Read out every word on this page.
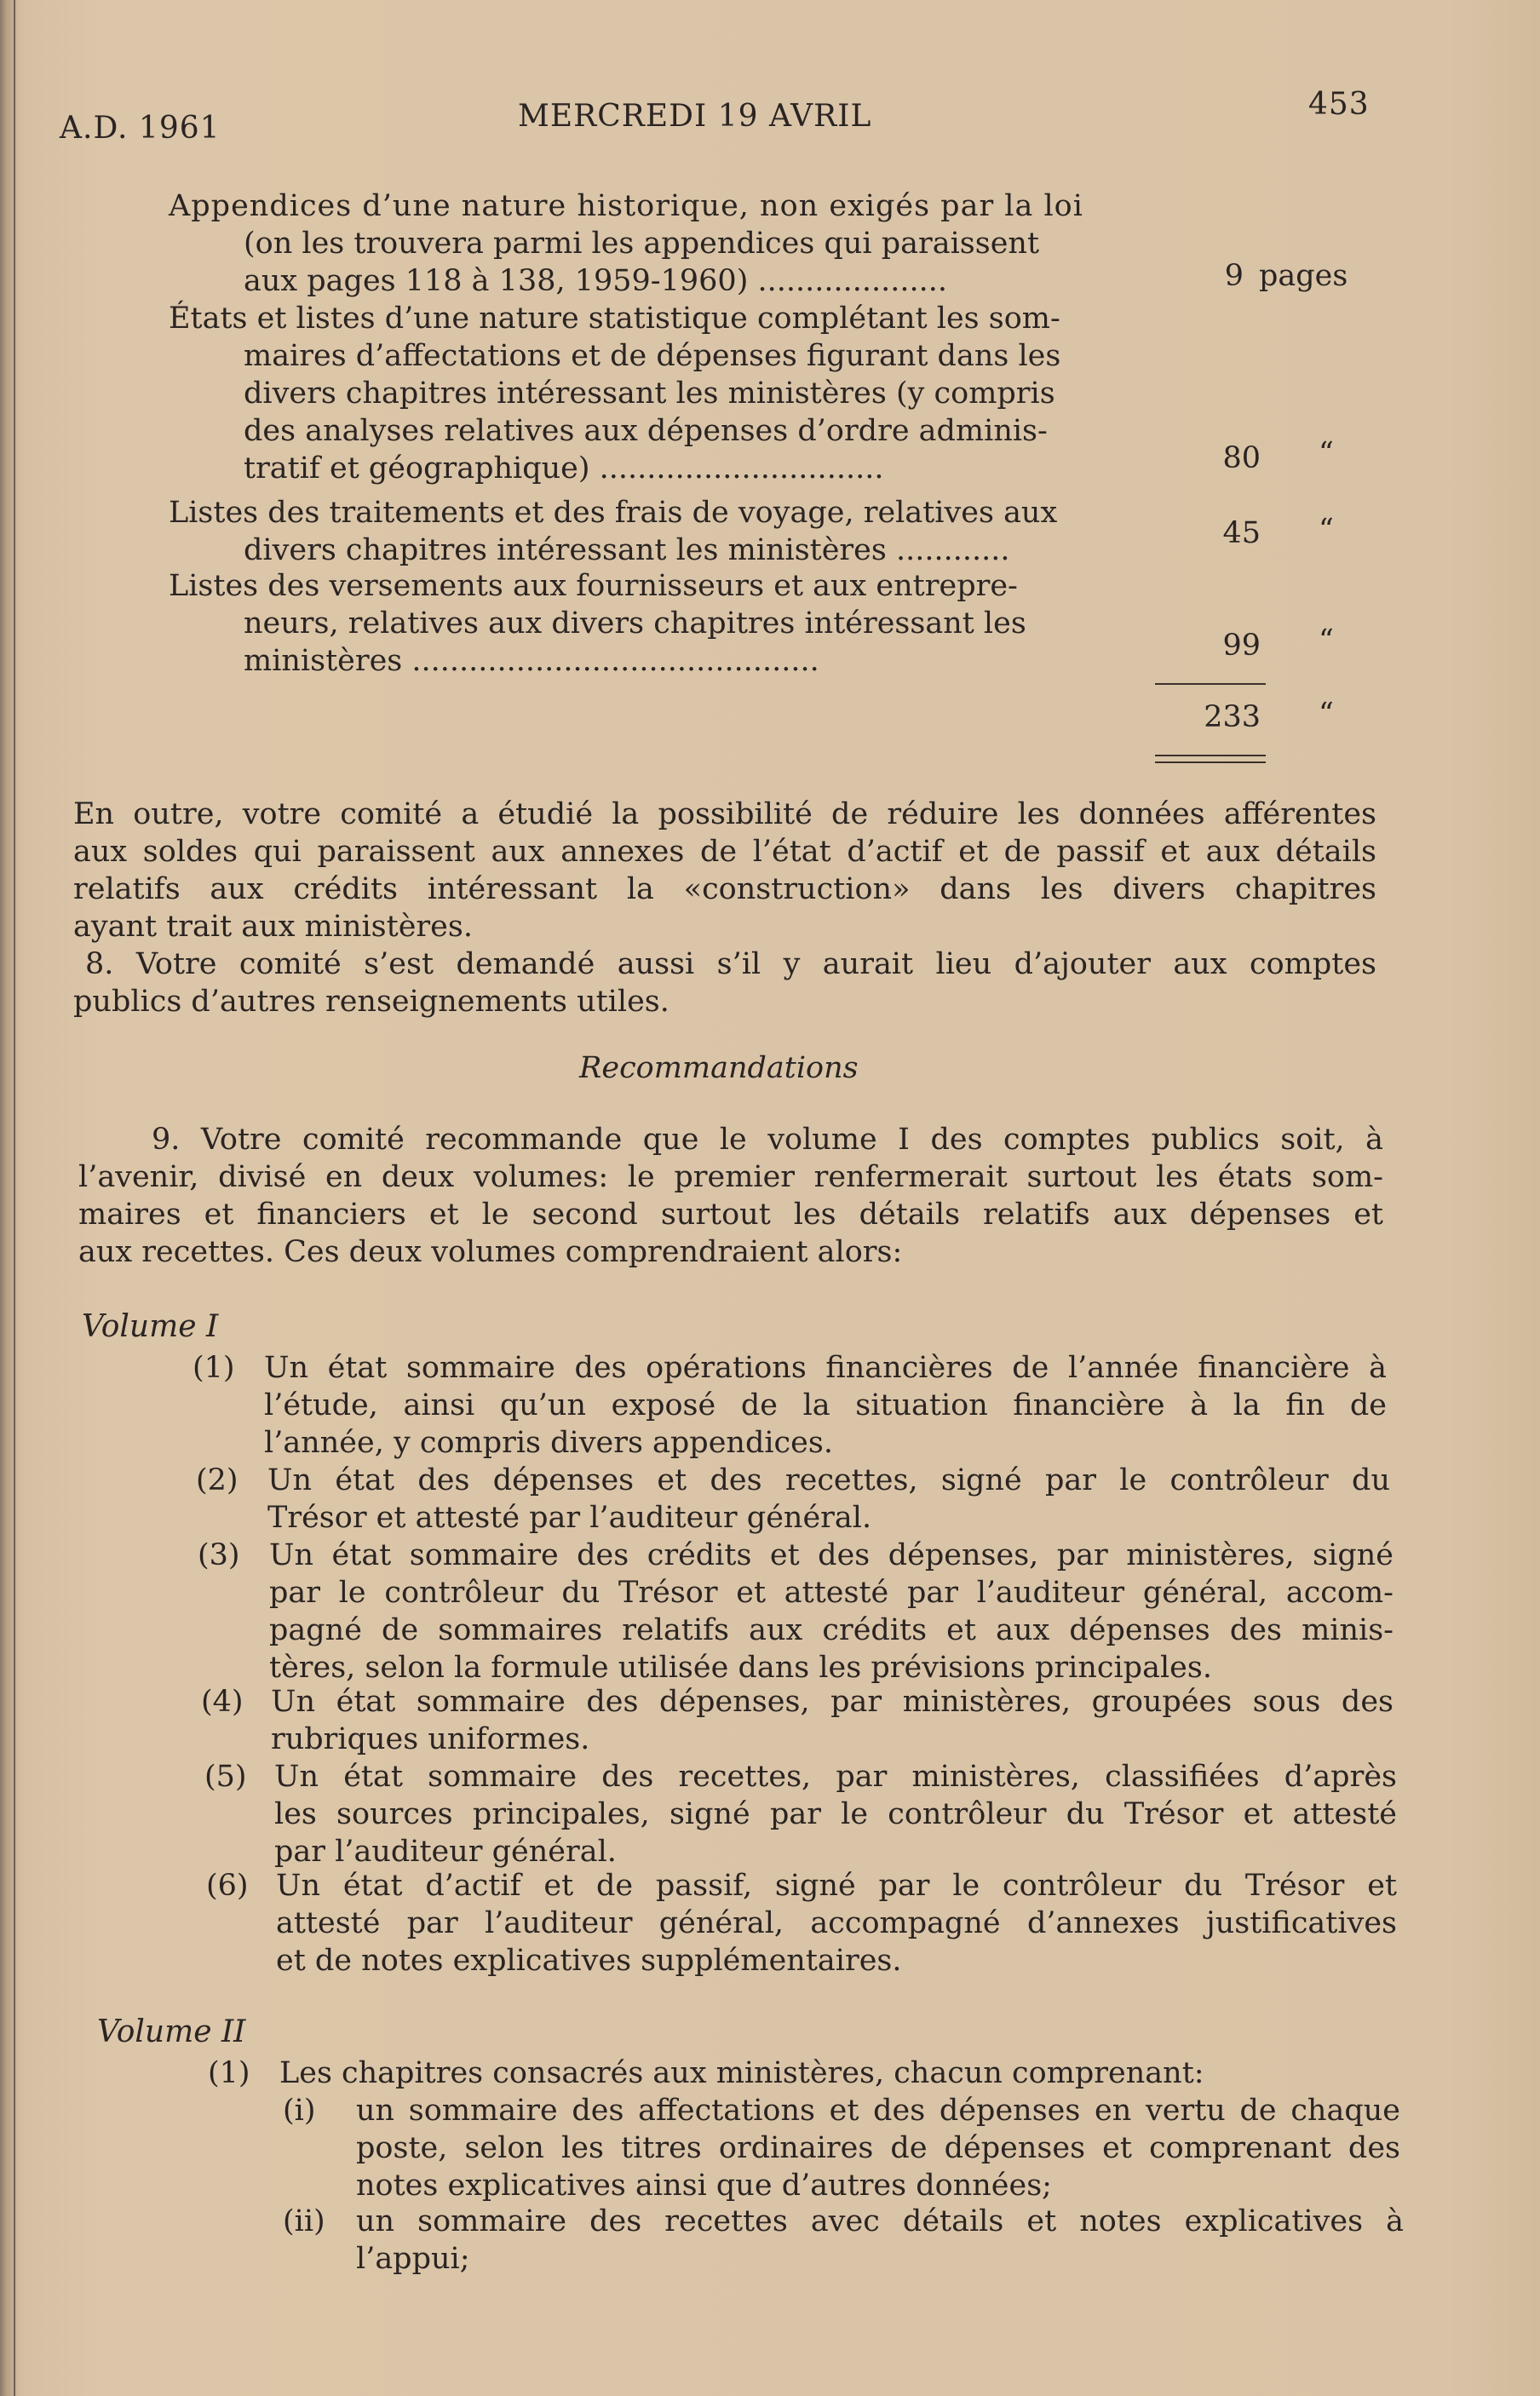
A.D. 1961	MERCREDI 19 AVRIL	453
Appendices d’une nature historique, non exigés par la loi
(on les trouvera parmi les appendices qui paraissent
aux pages 118 à 138, 1959-1960) ....................	9 pages
États et listes d’une nature statistique complétant les som-
maires d’affectations et de dépenses figurant dans les
divers chapitres intéressant les ministères (y compris
des analyses relatives aux dépenses d’ordre adminis-
tratif et géographique) ..............................	80 “
Listes des traitements et des frais de voyage, relatives aux
divers chapitres intéressant les ministères ............	45 “
Listes des versements aux fournisseurs et aux entrepre-
neurs, relatives aux divers chapitres intéressant les
ministères ...........................................	99 “
233 “
En outre, votre comité a étudié la possibilité de réduire les données afférentes
aux soldes qui paraissent aux annexes de l’état d’actif et de passif et aux détails
relatifs aux crédits intéressant la «construction» dans les divers chapitres
ayant trait aux ministères.
8. Votre comité s’est demandé aussi s’il y aurait lieu d’ajouter aux comptes
publics d’autres renseignements utiles.
Recommandations
9. Votre comité recommande que le volume I des comptes publics soit, à
l’avenir, divisé en deux volumes: le premier renfermerait surtout les états som-
maires et financiers et le second surtout les détails relatifs aux dépenses et
aux recettes. Ces deux volumes comprendraient alors:
Volume I
(1) Un état sommaire des opérations financières de l’année financière à
l’étude, ainsi qu’un exposé de la situation financière à la fin de
l’année, y compris divers appendices.
(2) Un état des dépenses et des recettes, signé par le contrôleur du
Trésor et attesté par l’auditeur général.
(3) Un état sommaire des crédits et des dépenses, par ministères, signé
par le contrôleur du Trésor et attesté par l’auditeur général, accom-
pagné de sommaires relatifs aux crédits et aux dépenses des minis-
tères, selon la formule utilisée dans les prévisions principales.
(4) Un état sommaire des dépenses, par ministères, groupées sous des
rubriques uniformes.
(5) Un état sommaire des recettes, par ministères, classifiées d’après
les sources principales, signé par le contrôleur du Trésor et attesté
par l’auditeur général.
(6) Un état d’actif et de passif, signé par le contrôleur du Trésor et
attesté par l’auditeur général, accompagné d’annexes justificatives
et de notes explicatives supplémentaires.
Volume II
(1) Les chapitres consacrés aux ministères, chacun comprenant:
(i) un sommaire des affectations et des dépenses en vertu de chaque
poste, selon les titres ordinaires de dépenses et comprenant des
notes explicatives ainsi que d’autres données;
(ii) un sommaire des recettes avec détails et notes explicatives à
l’appui;
